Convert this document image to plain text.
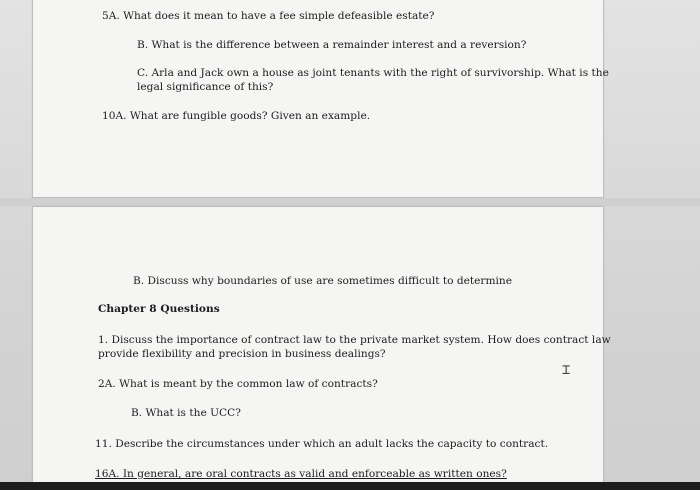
5A. What does it mean to have a fee simple defeasible estate?
B. What is the difference between a remainder interest and a reversion?
C. Arla and Jack own a house as joint tenants with the right of survivorship. What is the
legal significance of this?
10A. What are fungible goods? Given an example.
B. Discuss why boundaries of use are sometimes difficult to determine
Chapter 8 Questions
1. Discuss the importance of contract law to the private market system. How does contract law
provide flexibility and precision in business dealings?
2A. What is meant by the common law of contracts?
B. What is the UCC?
11. Describe the circumstances under which an adult lacks the capacity to contract.
16A. In general, are oral contracts as valid and enforceable as written ones?
⌶
